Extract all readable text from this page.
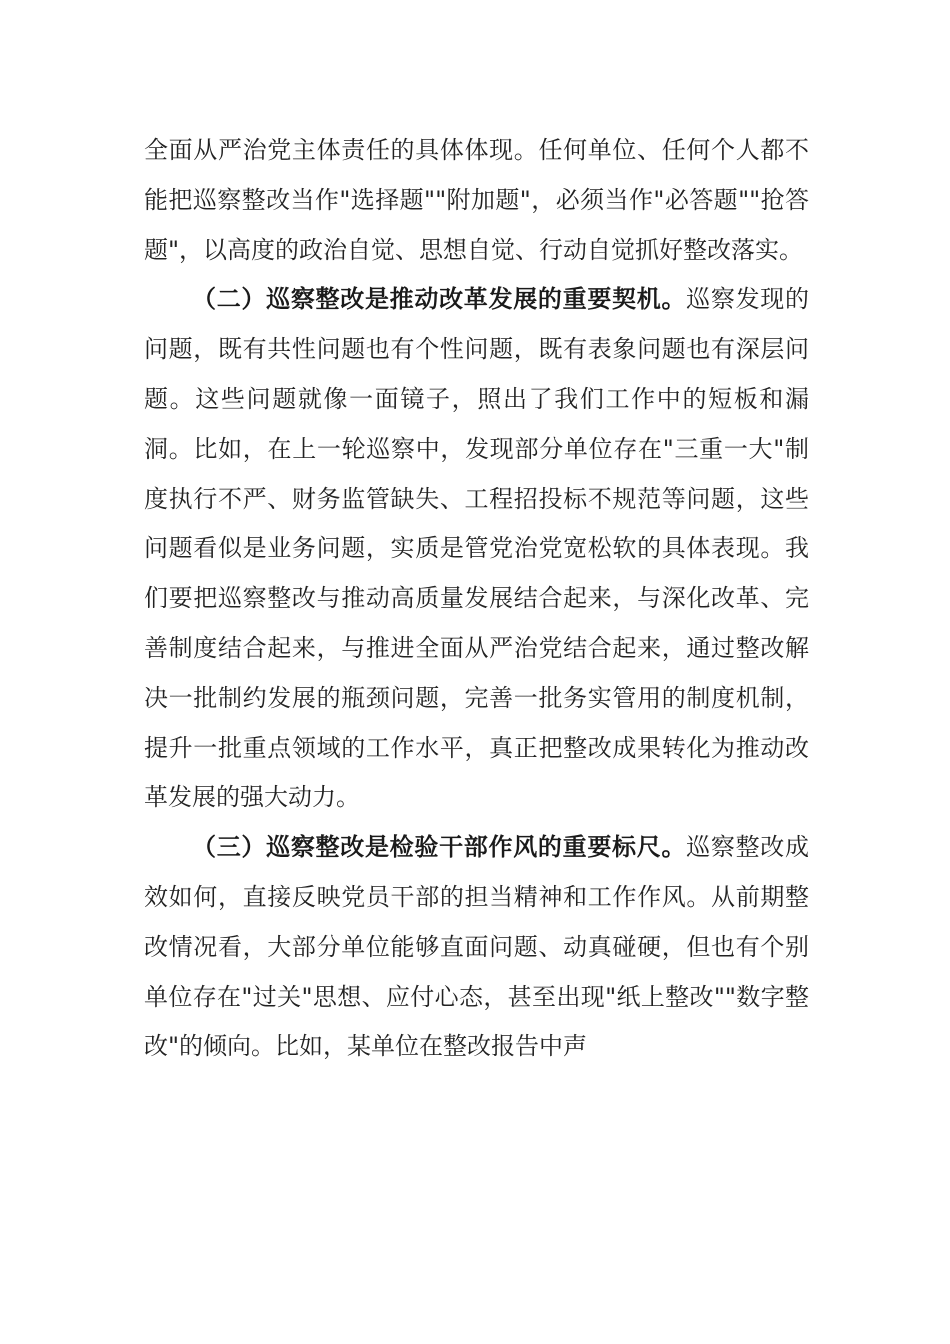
全面从严治党主体责任的具体体现。任何单位、任何个人都不能把巡察整改当作"选择题""附加题"，必须当作"必答题""抢答题"，以高度的政治自觉、思想自觉、行动自觉抓好整改落实。

（二）巡察整改是推动改革发展的重要契机。巡察发现的问题，既有共性问题也有个性问题，既有表象问题也有深层问题。这些问题就像一面镜子，照出了我们工作中的短板和漏洞。比如，在上一轮巡察中，发现部分单位存在"三重一大"制度执行不严、财务监管缺失、工程招投标不规范等问题，这些问题看似是业务问题，实质是管党治党宽松软的具体表现。我们要把巡察整改与推动高质量发展结合起来，与深化改革、完善制度结合起来，与推进全面从严治党结合起来，通过整改解决一批制约发展的瓶颈问题，完善一批务实管用的制度机制，提升一批重点领域的工作水平，真正把整改成果转化为推动改革发展的强大动力。

（三）巡察整改是检验干部作风的重要标尺。巡察整改成效如何，直接反映党员干部的担当精神和工作作风。从前期整改情况看，大部分单位能够直面问题、动真碰硬，但也有个别单位存在"过关"思想、应付心态，甚至出现"纸上整改""数字整改"的倾向。比如，某单位在整改报告中声
